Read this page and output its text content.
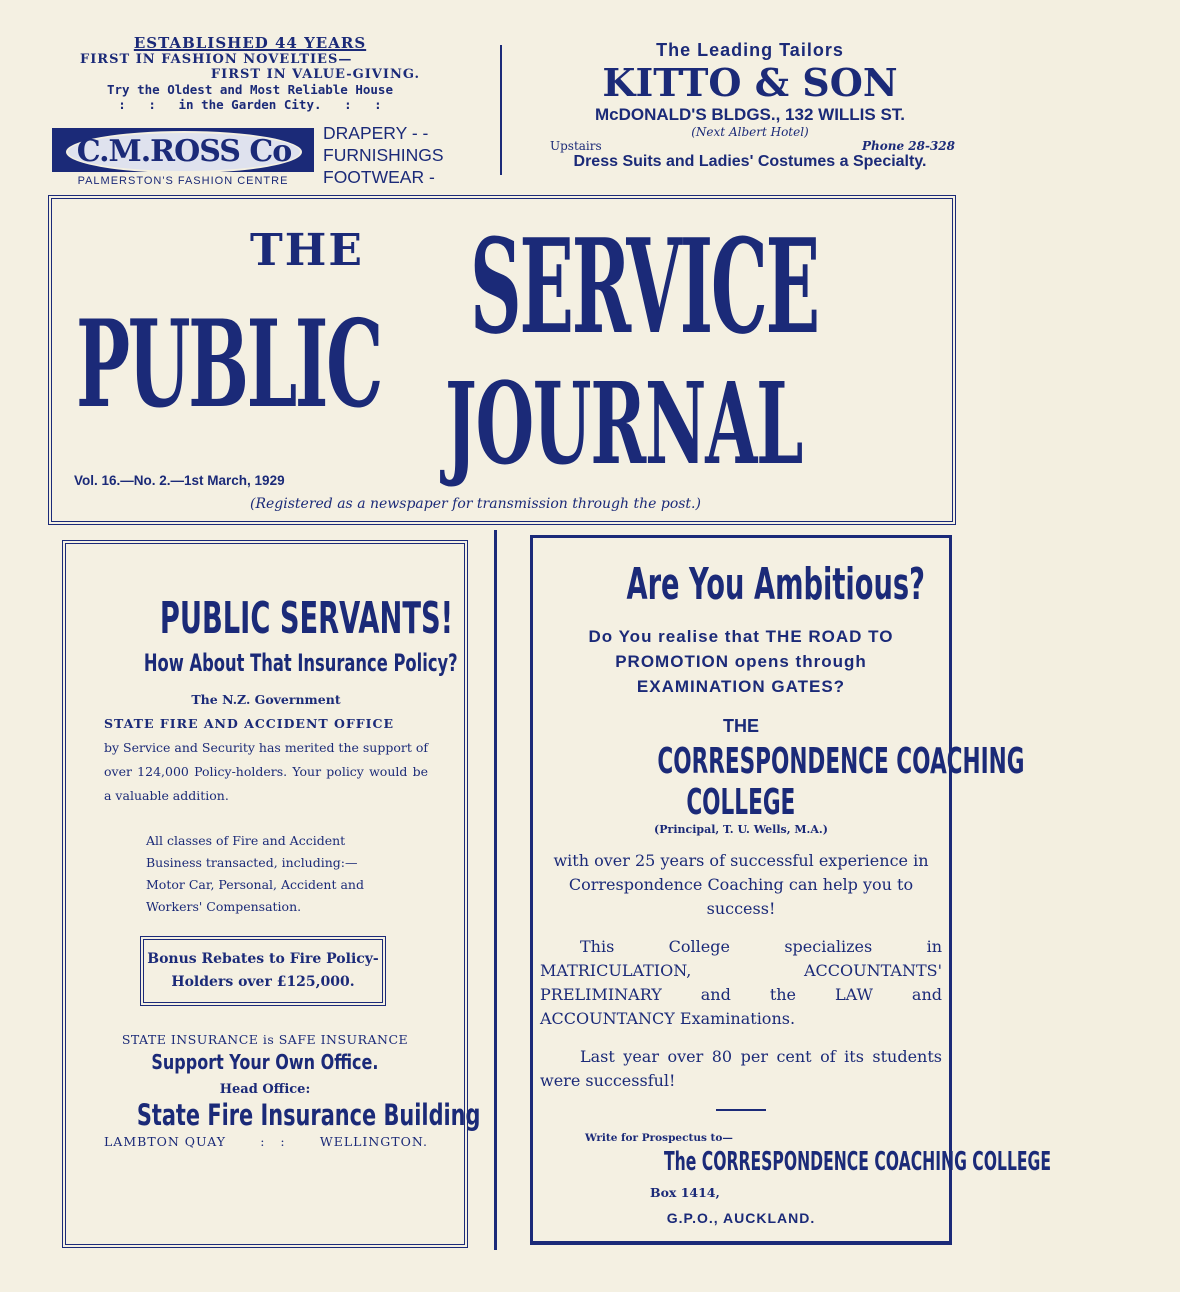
ESTABLISHED 44 YEARS
FIRST IN FASHION NOVELTIES—
FIRST IN VALUE-GIVING.
Try the Oldest and Most Reliable House
:   :   in the Garden City.   :   :
C.M.ROSS Co
PALMERSTON'S FASHION CENTRE
DRAPERY - -
FURNISHINGS
FOOTWEAR -
The Leading Tailors
KITTO & SON
McDONALD'S BLDGS., 132 WILLIS ST.
(Next Albert Hotel)
Upstairs	Phone 28-328
Dress Suits and Ladies' Costumes a Specialty.
THE
PUBLIC
SERVICE
JOURNAL
Vol. 16.—No. 2.—1st March, 1929
(Registered as a newspaper for transmission through the post.)
PUBLIC SERVANTS!
How About That Insurance Policy?
The N.Z. Government
STATE FIRE AND ACCIDENT OFFICE
by Service and Security has merited the support of over 124,000 Policy-holders. Your policy would be a valuable addition.
All classes of Fire and Accident Business transacted, including:— Motor Car, Personal, Accident and Workers' Compensation.
Bonus Rebates to Fire Policy-Holders over £125,000.
STATE INSURANCE is SAFE INSURANCE
Support Your Own Office.
Head Office:
State Fire Insurance Building
LAMBTON QUAY	:   :	WELLINGTON.
Are You Ambitious?
Do You realise that THE ROAD TO PROMOTION opens through EXAMINATION GATES?
THE
CORRESPONDENCE COACHING
COLLEGE
(Principal, T. U. Wells, M.A.)
with over 25 years of successful experience in Correspondence Coaching can help you to success!
This College specializes in MATRICULATION, ACCOUNTANTS' PRELIMINARY and the LAW and ACCOUNTANCY Examinations.
Last year over 80 per cent of its students were successful!
Write for Prospectus to—
The CORRESPONDENCE COACHING COLLEGE
Box 1414,
G.P.O., AUCKLAND.
